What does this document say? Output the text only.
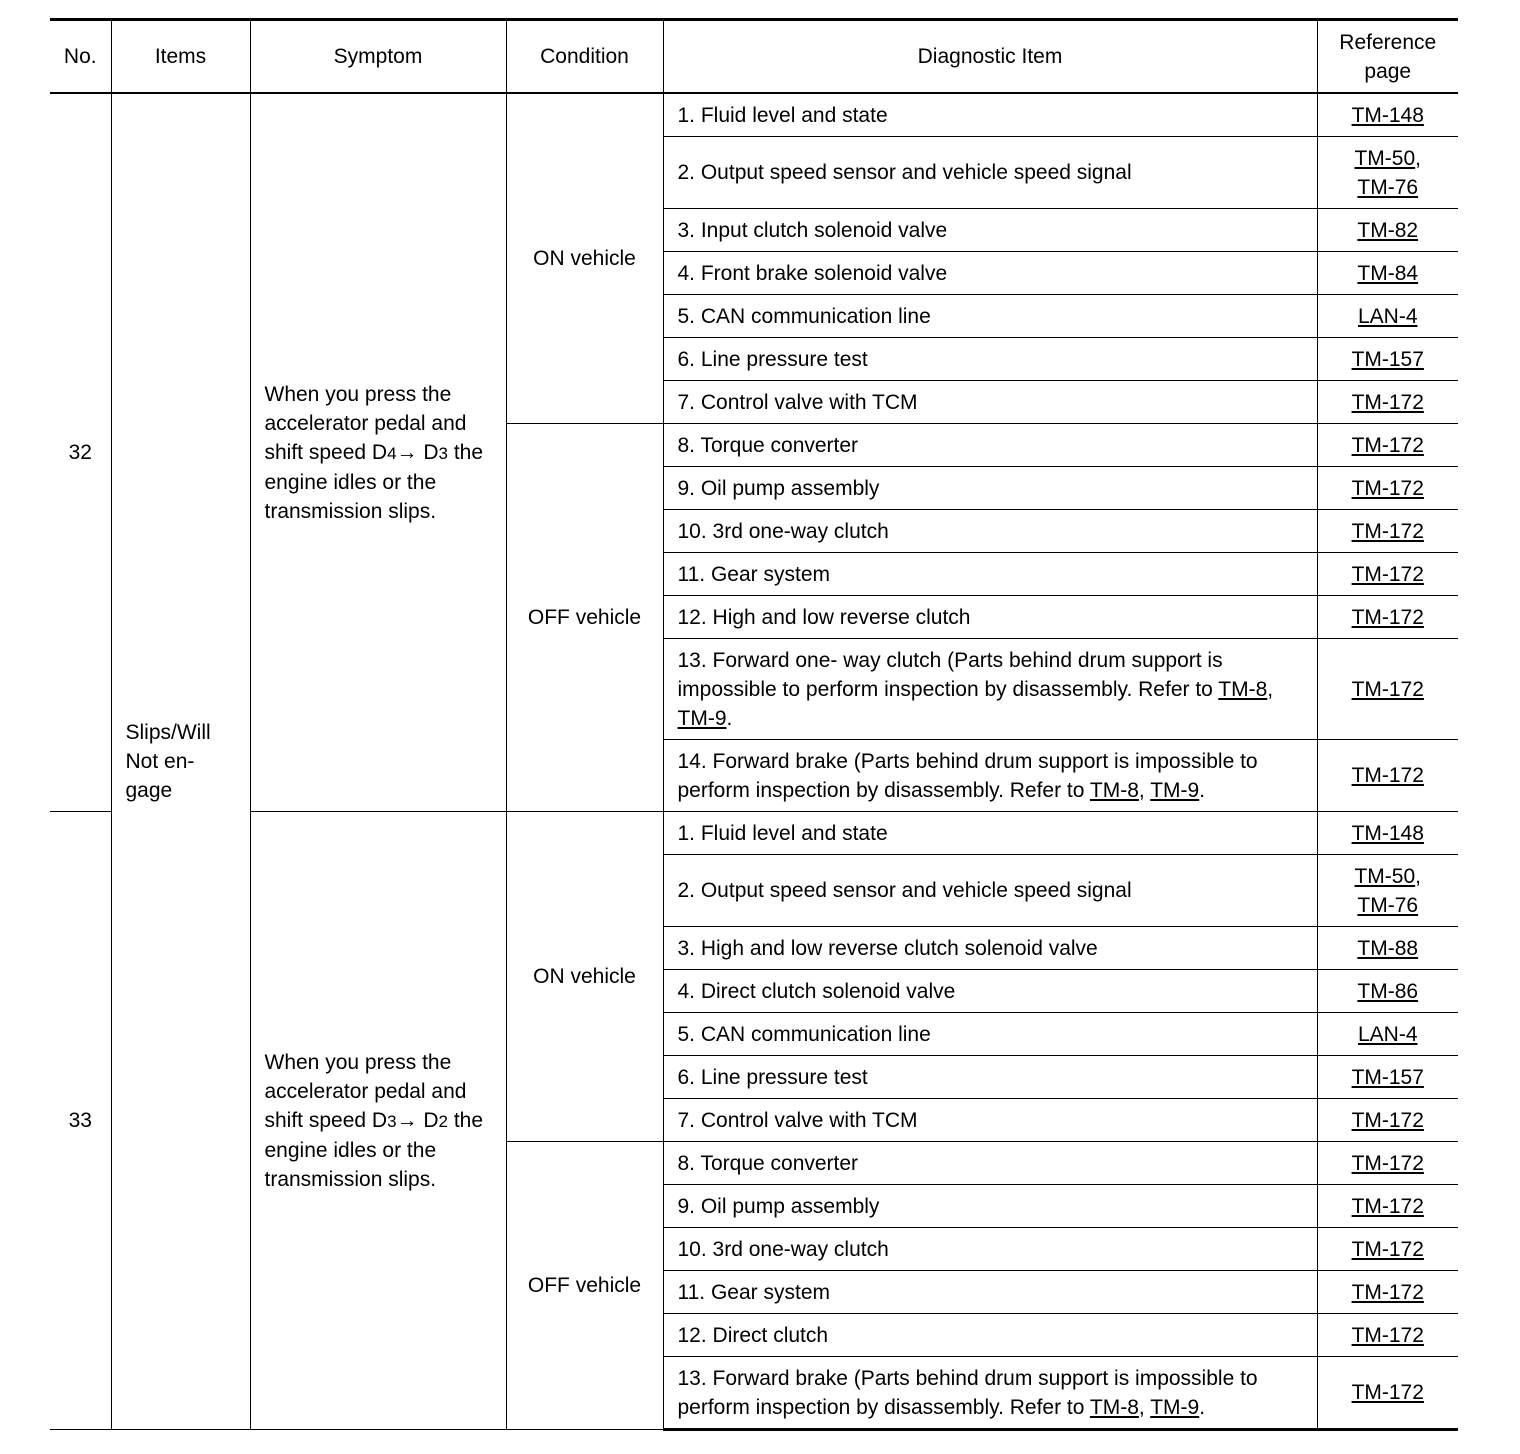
No.	Items	Symptom	Condition	Diagnostic Item	Reference page
32	Slips/Will Not en-gage	When you press the accelerator pedal and shift speed D4→ D3 the engine idles or the transmission slips.	ON vehicle	1. Fluid level and state	TM-148
				2. Output speed sensor and vehicle speed signal	TM-50,
TM-76
				3. Input clutch solenoid valve	TM-82
				4. Front brake solenoid valve	TM-84
				5. CAN communication line	LAN-4
				6. Line pressure test	TM-157
				7. Control valve with TCM	TM-172
			OFF vehicle	8. Torque converter	TM-172
				9. Oil pump assembly	TM-172
				10. 3rd one-way clutch	TM-172
				11. Gear system	TM-172
				12. High and low reverse clutch	TM-172
				13. Forward one- way clutch (Parts behind drum support is impossible to perform inspection by disassembly. Refer to TM-8, TM-9.	TM-172
				14. Forward brake (Parts behind drum support is impossible to perform inspection by disassembly. Refer to TM-8, TM-9.	TM-172
33		When you press the accelerator pedal and shift speed D3→ D2 the engine idles or the transmission slips.	ON vehicle	1. Fluid level and state	TM-148
				2. Output speed sensor and vehicle speed signal	TM-50,
TM-76
				3. High and low reverse clutch solenoid valve	TM-88
				4. Direct clutch solenoid valve	TM-86
				5. CAN communication line	LAN-4
				6. Line pressure test	TM-157
				7. Control valve with TCM	TM-172
			OFF vehicle	8. Torque converter	TM-172
				9. Oil pump assembly	TM-172
				10. 3rd one-way clutch	TM-172
				11. Gear system	TM-172
				12. Direct clutch	TM-172
				13. Forward brake (Parts behind drum support is impossible to perform inspection by disassembly. Refer to TM-8, TM-9.	TM-172
